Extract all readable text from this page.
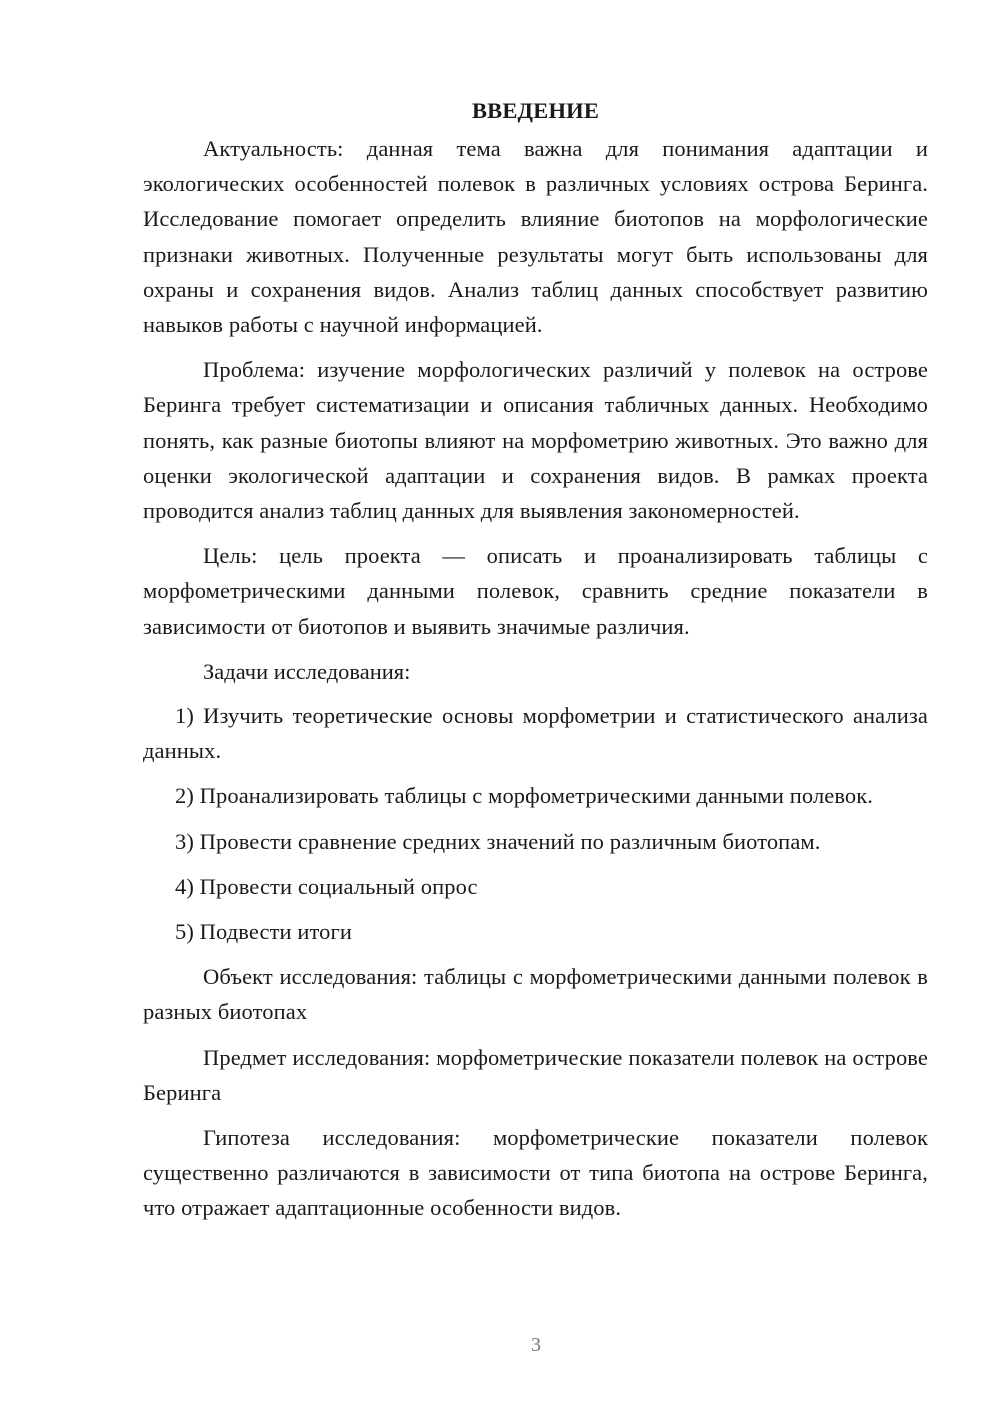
ВВЕДЕНИЕ

Актуальность: данная тема важна для понимания адаптации и экологических особенностей полевок в различных условиях острова Беринга. Исследование помогает определить влияние биотопов на морфологические признаки животных. Полученные результаты могут быть использованы для охраны и сохранения видов. Анализ таблиц данных способствует развитию навыков работы с научной информацией.

Проблема: изучение морфологических различий у полевок на острове Беринга требует систематизации и описания табличных данных. Необходимо понять, как разные биотопы влияют на морфометрию животных. Это важно для оценки экологической адаптации и сохранения видов. В рамках проекта проводится анализ таблиц данных для выявления закономерностей.

Цель: цель проекта — описать и проанализировать таблицы с морфометрическими данными полевок, сравнить средние показатели в зависимости от биотопов и выявить значимые различия.

Задачи исследования:

1) Изучить теоретические основы морфометрии и статистического анализа данных.

2) Проанализировать таблицы с морфометрическими данными полевок.

3) Провести сравнение средних значений по различным биотопам.

4) Провести социальный опрос

5) Подвести итоги

Объект исследования: таблицы с морфометрическими данными полевок в разных биотопах

Предмет исследования: морфометрические показатели полевок на острове Беринга

Гипотеза исследования: морфометрические показатели полевок существенно различаются в зависимости от типа биотопа на острове Беринга, что отражает адаптационные особенности видов.

3
